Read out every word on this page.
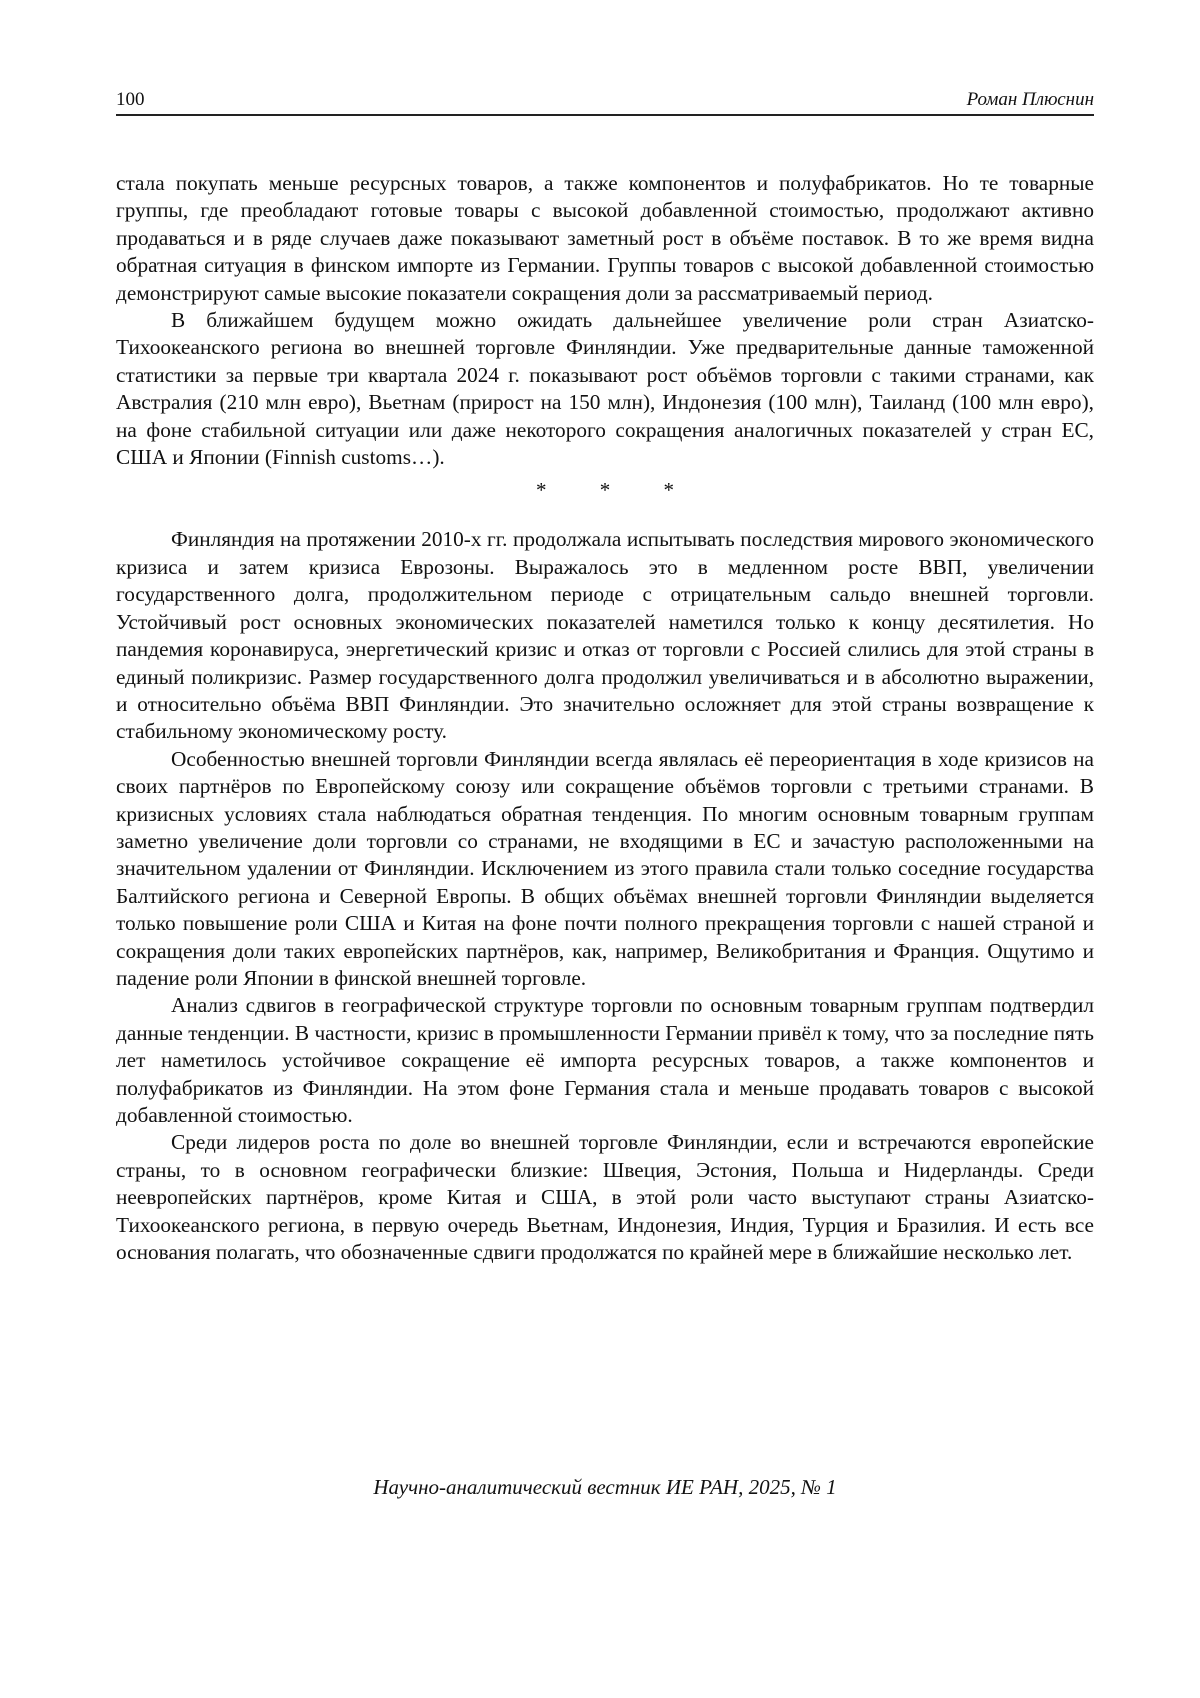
100	Роман Плюснин

стала покупать меньше ресурсных товаров, а также компонентов и полуфабрикатов. Но те товарные группы, где преобладают готовые товары с высокой добавленной стоимостью, продолжают активно продаваться и в ряде случаев даже показывают заметный рост в объёме поставок. В то же время видна обратная ситуация в финском импорте из Германии. Группы товаров с высокой добавленной стоимостью демонстрируют самые высокие показатели сокращения доли за рассматриваемый период.

В ближайшем будущем можно ожидать дальнейшее увеличение роли стран Азиатско-Тихоокеанского региона во внешней торговле Финляндии. Уже предварительные данные таможенной статистики за первые три квартала 2024 г. показывают рост объёмов торговли с такими странами, как Австралия (210 млн евро), Вьетнам (прирост на 150 млн), Индонезия (100 млн), Таиланд (100 млн евро), на фоне стабильной ситуации или даже некоторого сокращения аналогичных показателей у стран ЕС, США и Японии (Finnish customs…).

*	*	*

Финляндия на протяжении 2010-х гг. продолжала испытывать последствия мирового экономического кризиса и затем кризиса Еврозоны. Выражалось это в медленном росте ВВП, увеличении государственного долга, продолжительном периоде с отрицательным сальдо внешней торговли. Устойчивый рост основных экономических показателей наметился только к концу десятилетия. Но пандемия коронавируса, энергетический кризис и отказ от торговли с Россией слились для этой страны в единый поликризис. Размер государственного долга продолжил увеличиваться и в абсолютно выражении, и относительно объёма ВВП Финляндии. Это значительно осложняет для этой страны возвращение к стабильному экономическому росту.

Особенностью внешней торговли Финляндии всегда являлась её переориентация в ходе кризисов на своих партнёров по Европейскому союзу или сокращение объёмов торговли с третьими странами. В кризисных условиях стала наблюдаться обратная тенденция. По многим основным товарным группам заметно увеличение доли торговли со странами, не входящими в ЕС и зачастую расположенными на значительном удалении от Финляндии. Исключением из этого правила стали только соседние государства Балтийского региона и Северной Европы. В общих объёмах внешней торговли Финляндии выделяется только повышение роли США и Китая на фоне почти полного прекращения торговли с нашей страной и сокращения доли таких европейских партнёров, как, например, Великобритания и Франция. Ощутимо и падение роли Японии в финской внешней торговле.

Анализ сдвигов в географической структуре торговли по основным товарным группам подтвердил данные тенденции. В частности, кризис в промышленности Германии привёл к тому, что за последние пять лет наметилось устойчивое сокращение её импорта ресурсных товаров, а также компонентов и полуфабрикатов из Финляндии. На этом фоне Германия стала и меньше продавать товаров с высокой добавленной стоимостью.

Среди лидеров роста по доле во внешней торговле Финляндии, если и встречаются европейские страны, то в основном географически близкие: Швеция, Эстония, Польша и Нидерланды. Среди неевропейских партнёров, кроме Китая и США, в этой роли часто выступают страны Азиатско-Тихоокеанского региона, в первую очередь Вьетнам, Индонезия, Индия, Турция и Бразилия. И есть все основания полагать, что обозначенные сдвиги продолжатся по крайней мере в ближайшие несколько лет.

Научно-аналитический вестник ИЕ РАН, 2025, № 1
